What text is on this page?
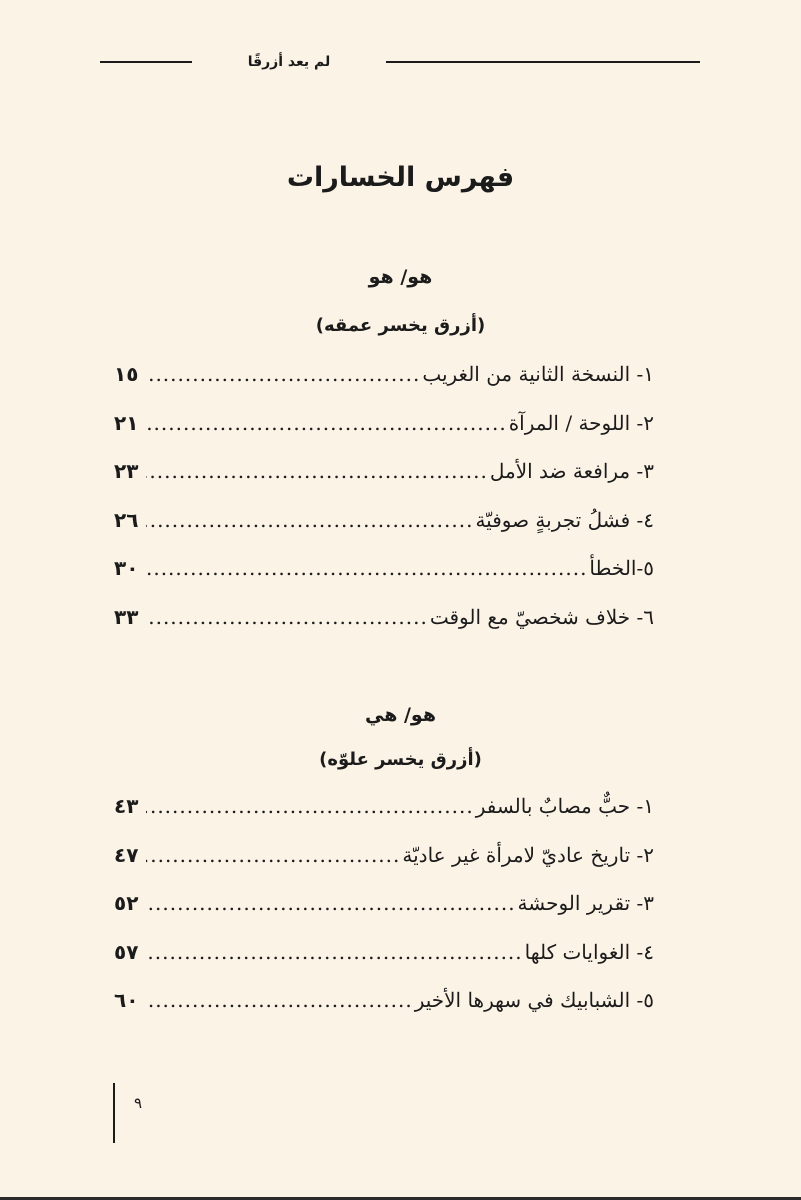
لم يعد أزرقًا
فهرس الخسارات
هو/ هو
(أزرق يخسر عمقه)
١- النسخة الثانية من الغريب
.....
١٥
٢- اللوحة / المرآة
.....
٢١
٣- مرافعة ضد الأمل
.....
٢٣
٤- فشلُ تجربةٍ صوفيّة
.....
٢٦
٥-الخطأ
.....
٣٠
٦- خلاف شخصيّ مع الوقت
.....
٣٣
هو/ هي
(أزرق يخسر علوّه)
١- حبٌّ مصابٌ بالسفر
.....
٤٣
٢- تاريخ عاديّ لامرأة غير عاديّة
.....
٤٧
٣- تقرير الوحشة
.....
٥٢
٤- الغوايات كلها
.....
٥٧
٥- الشبابيك في سهرها الأخير
.....
٦٠
٩
